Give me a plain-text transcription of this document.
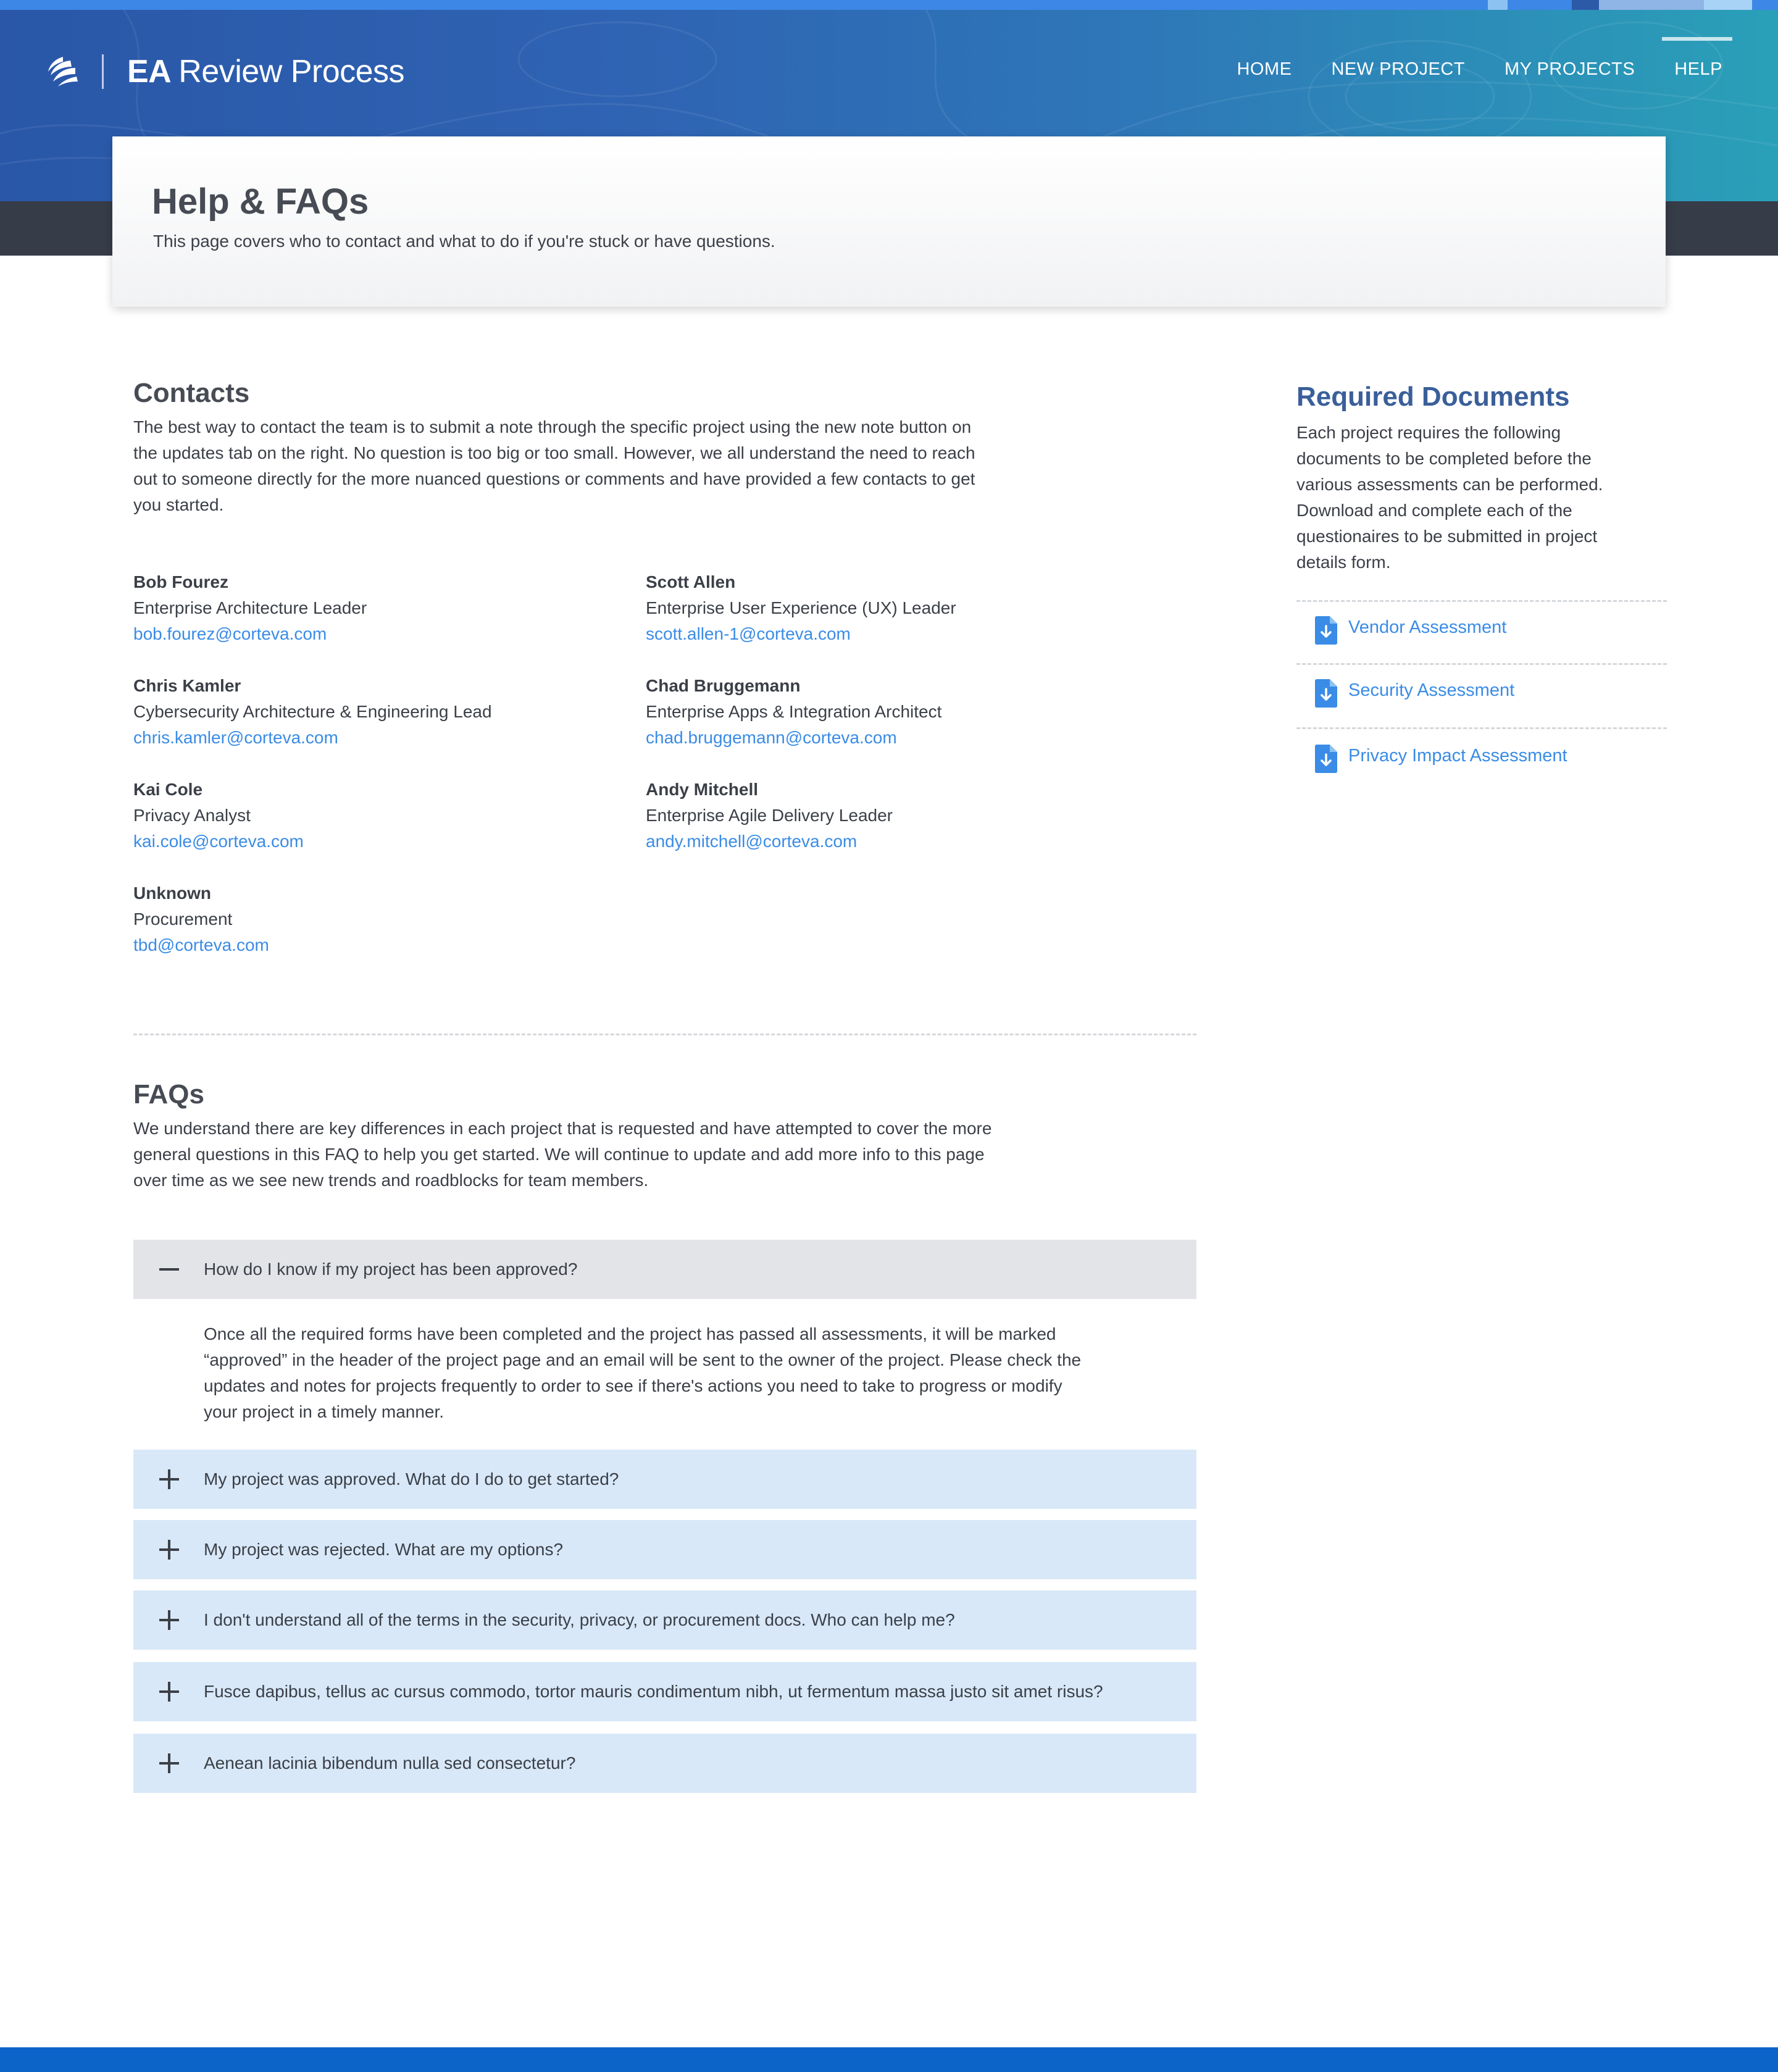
EA Review Process	HOME NEW PROJECT MY PROJECTS HELP
Help & FAQs

This page covers who to contact and what to do if you're stuck or have questions.

Contacts

The best way to contact the team is to submit a note through the specific project using the new note button on the updates tab on the right. No question is too big or too small. However, we all understand the need to reach out to someone directly for the more nuanced questions or comments and have provided a few contacts to get you started.

Bob Fourez
Enterprise Architecture Leader
bob.fourez@corteva.com
Scott Allen
Enterprise User Experience (UX) Leader
scott.allen-1@corteva.com
Chris Kamler
Cybersecurity Architecture & Engineering Lead
chris.kamler@corteva.com
Chad Bruggemann
Enterprise Apps & Integration Architect
chad.bruggemann@corteva.com
Kai Cole
Privacy Analyst
kai.cole@corteva.com
Andy Mitchell
Enterprise Agile Delivery Leader
andy.mitchell@corteva.com
Unknown
Procurement
tbd@corteva.com
FAQs

We understand there are key differences in each project that is requested and have attempted to cover the more general questions in this FAQ to help you get started. We will continue to update and add more info to this page over time as we see new trends and roadblocks for team members.

How do I know if my project has been approved?

Once all the required forms have been completed and the project has passed all assessments, it will be marked “approved” in the header of the project page and an email will be sent to the owner of the project. Please check the updates and notes for projects frequently to order to see if there's actions you need to take to progress or modify your project in a timely manner.

My project was approved. What do I do to get started?
My project was rejected. What are my options?
I don't understand all of the terms in the security, privacy, or procurement docs. Who can help me?
Fusce dapibus, tellus ac cursus commodo, tortor mauris condimentum nibh, ut fermentum massa justo sit amet risus?
Aenean lacinia bibendum nulla sed consectetur?
Required Documents

Each project requires the following documents to be completed before the various assessments can be performed. Download and complete each of the questionaires to be submitted in project details form.

Vendor Assessment
Security Assessment
Privacy Impact Assessment
